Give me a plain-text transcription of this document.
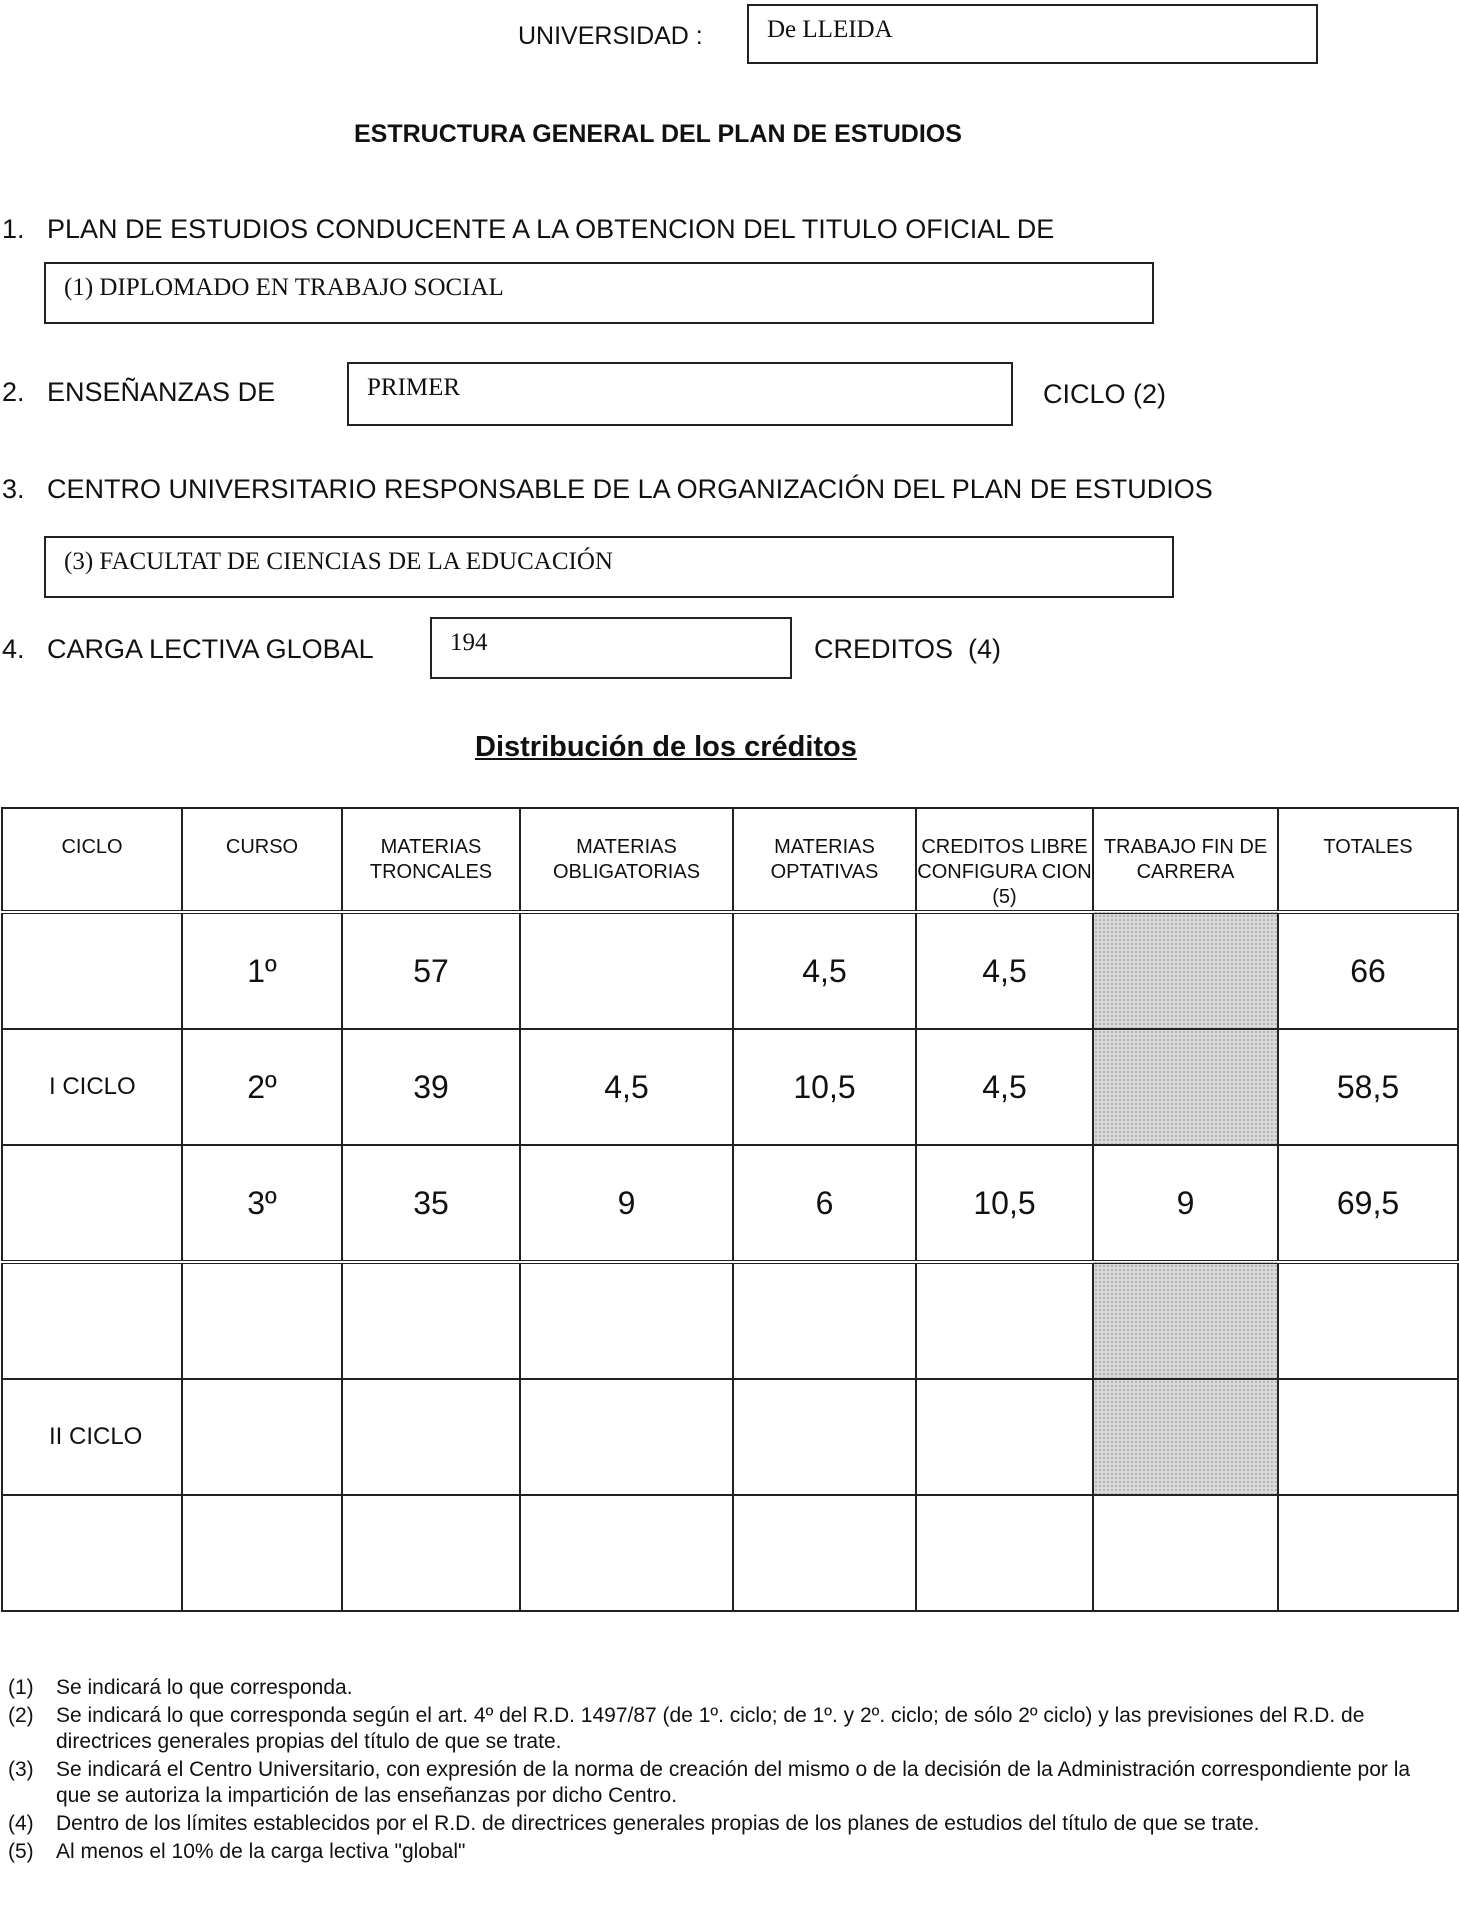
UNIVERSIDAD :	De LLEIDA
ESTRUCTURA GENERAL DEL PLAN DE ESTUDIOS
1.   PLAN DE ESTUDIOS CONDUCENTE A LA OBTENCION DEL TITULO OFICIAL DE
(1) DIPLOMADO EN TRABAJO SOCIAL
2.   ENSEÑANZAS DE	PRIMER	CICLO (2)
3.   CENTRO UNIVERSITARIO RESPONSABLE DE LA ORGANIZACIÓN DEL PLAN DE ESTUDIOS
(3) FACULTAT DE CIENCIAS DE LA EDUCACIÓN
4.   CARGA LECTIVA GLOBAL	194	CREDITOS  (4)
Distribución de los créditos
CICLO	CURSO	MATERIAS TRONCALES	MATERIAS OBLIGATORIAS	MATERIAS OPTATIVAS	CREDITOS LIBRE CONFIGURA CION (5)	TRABAJO FIN DE CARRERA	TOTALES
	1º	57		4,5	4,5		66
I CICLO	2º	39	4,5	10,5	4,5		58,5
	3º	35	9	6	10,5	9	69,5

II CICLO							

(1)	Se indicará lo que corresponda.
(2)	Se indicará lo que corresponda según el art. 4º del R.D. 1497/87 (de 1º. ciclo; de 1º. y 2º. ciclo; de sólo 2º ciclo) y las previsiones del R.D. de directrices generales propias del título de que se trate.
(3)	Se indicará el Centro Universitario, con expresión de la norma de creación del mismo o de la decisión de la Administración correspondiente por la que se autoriza la impartición de las enseñanzas por dicho Centro.
(4)	Dentro de los límites establecidos por el R.D. de directrices generales propias de los planes de estudios del título de que se trate.
(5)	Al menos el 10% de la carga lectiva "global"
